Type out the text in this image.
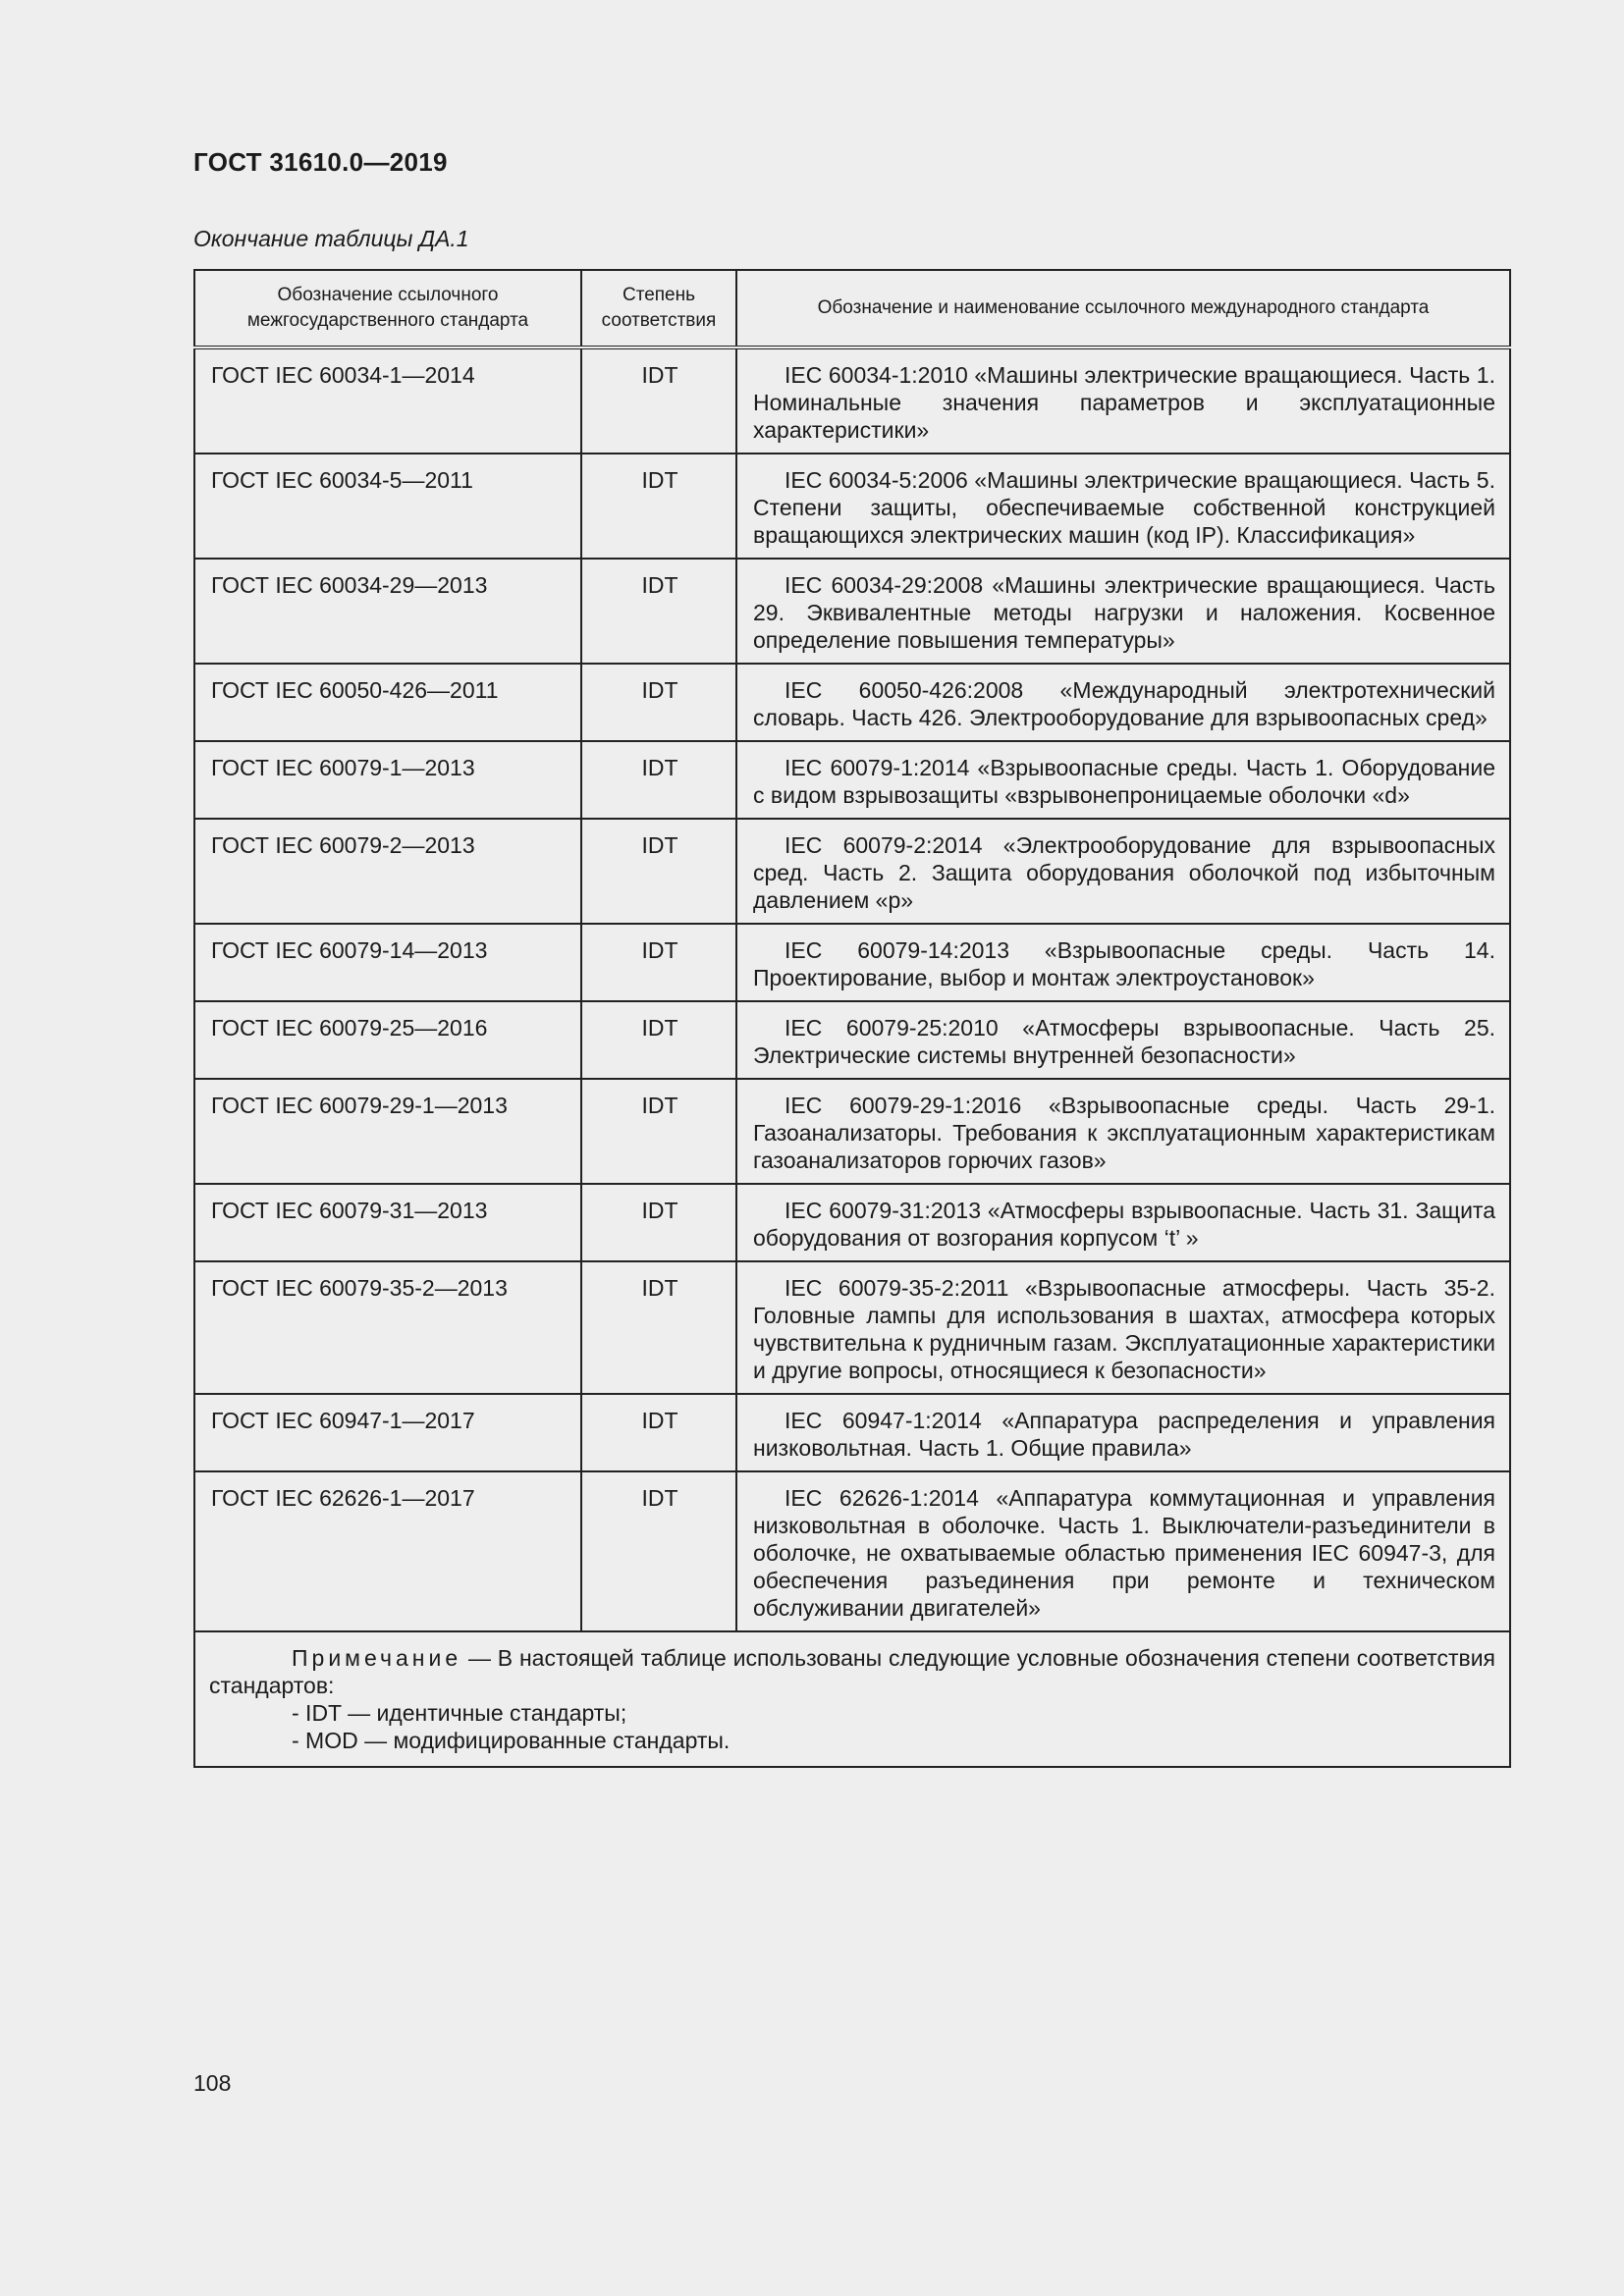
ГОСТ 31610.0—2019
Окончание таблицы ДА.1
Обозначение ссылочного межгосударственного стандарта	Степень соответствия	Обозначение и наименование ссылочного международного стандарта
ГОСТ IEC 60034-1—2014	IDT	IEC 60034-1:2010 «Машины электрические вращающиеся. Часть 1. Номинальные значения параметров и эксплуатационные характеристики»
ГОСТ IEC 60034-5—2011	IDT	IEC 60034-5:2006 «Машины электрические вращающиеся. Часть 5. Степени защиты, обеспечиваемые собственной конструкцией вращающихся электрических машин (код IP). Классификация»
ГОСТ IEC 60034-29—2013	IDT	IEC 60034-29:2008 «Машины электрические вращающиеся. Часть 29. Эквивалентные методы нагрузки и наложения. Косвенное определение повышения температуры»
ГОСТ IEC 60050-426—2011	IDT	IEC 60050-426:2008 «Международный электротехнический словарь. Часть 426. Электрооборудование для взрывоопасных сред»
ГОСТ IEC 60079-1—2013	IDT	IEC 60079-1:2014 «Взрывоопасные среды. Часть 1. Оборудование с видом взрывозащиты «взрывонепроницаемые оболочки «d»
ГОСТ IEC 60079-2—2013	IDT	IEC 60079-2:2014 «Электрооборудование для взрывоопасных сред. Часть 2. Защита оборудования оболочкой под избыточным давлением «р»
ГОСТ IEC 60079-14—2013	IDT	IEC 60079-14:2013 «Взрывоопасные среды. Часть 14. Проектирование, выбор и монтаж электроустановок»
ГОСТ IEC 60079-25—2016	IDT	IEC 60079-25:2010 «Атмосферы взрывоопасные. Часть 25. Электрические системы внутренней безопасности»
ГОСТ IEC 60079-29-1—2013	IDT	IEC 60079-29-1:2016 «Взрывоопасные среды. Часть 29-1. Газоанализаторы. Требования к эксплуатационным характеристикам газоанализаторов горючих газов»
ГОСТ IEC 60079-31—2013	IDT	IEC 60079-31:2013 «Атмосферы взрывоопасные. Часть 31. Защита оборудования от возгорания корпусом ‘t’ »
ГОСТ IEC 60079-35-2—2013	IDT	IEC 60079-35-2:2011 «Взрывоопасные атмосферы. Часть 35-2. Головные лампы для использования в шахтах, атмосфера которых чувствительна к рудничным газам. Эксплуатационные характеристики и другие вопросы, относящиеся к безопасности»
ГОСТ IEC 60947-1—2017	IDT	IEC 60947-1:2014 «Аппаратура распределения и управления низковольтная. Часть 1. Общие правила»
ГОСТ IEC 62626-1—2017	IDT	IEC 62626-1:2014 «Аппаратура коммутационная и управления низковольтная в оболочке. Часть 1. Выключатели-разъединители в оболочке, не охватываемые областью применения IEC 60947-3, для обеспечения разъединения при ремонте и техническом обслуживании двигателей»

Примечание — В настоящей таблице использованы следующие условные обозначения степени соответствия стандартов:
- IDT — идентичные стандарты;
- MOD — модифицированные стандарты.		
108
